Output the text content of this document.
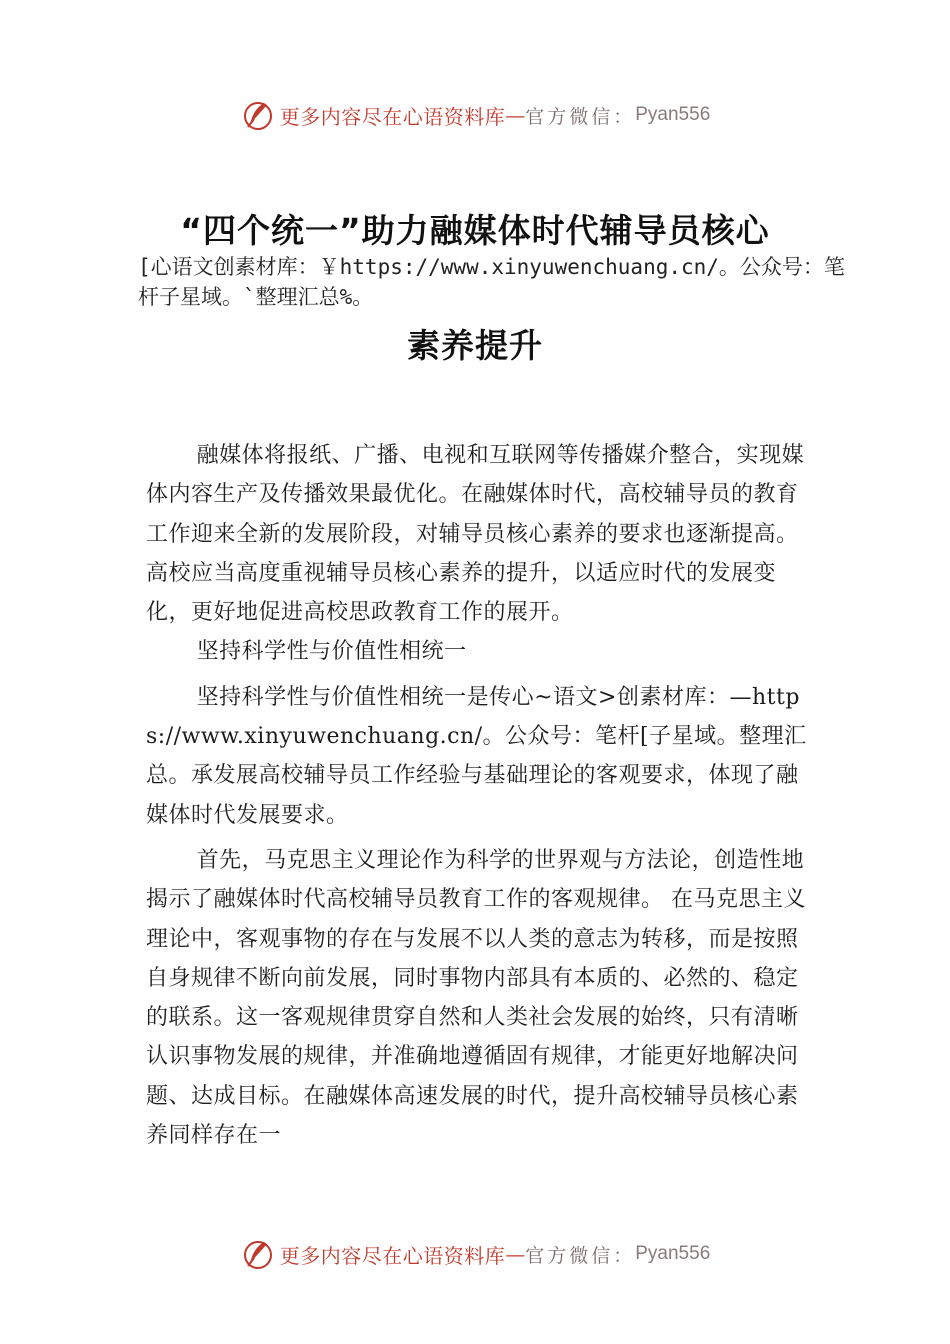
更多内容尽在心语资料库 — 官方微信： Pyan556
“四个统一”助力融媒体时代辅导员核心
[心语文创素材库：￥https://www.xinyuwenchuang.cn/。公众号：笔杆子星域。`整理汇总%。
素养提升

融媒体将报纸、广播、电视和互联网等传播媒介整合，实现媒体内容生产及传播效果最优化。在融媒体时代，高校辅导员的教育工作迎来全新的发展阶段，对辅导员核心素养的要求也逐渐提高。高校应当高度重视辅导员核心素养的提升，以适应时代的发展变化，更好地促进高校思政教育工作的展开。

坚持科学性与价值性相统一

坚持科学性与价值性相统一是传心~语文>创素材库：—https://www.xinyuwenchuang.cn/。公众号：笔杆[子星域。整理汇总。承发展高校辅导员工作经验与基础理论的客观要求，体现了融媒体时代发展要求。

首先，马克思主义理论作为科学的世界观与方法论，创造性地揭示了融媒体时代高校辅导员教育工作的客观规律。 在马克思主义理论中，客观事物的存在与发展不以人类的意志为转移，而是按照自身规律不断向前发展，同时事物内部具有本质的、必然的、稳定的联系。这一客观规律贯穿自然和人类社会发展的始终，只有清晰认识事物发展的规律，并准确地遵循固有规律，才能更好地解决问题、达成目标。在融媒体高速发展的时代，提升高校辅导员核心素养同样存在一

更多内容尽在心语资料库 — 官方微信： Pyan556
